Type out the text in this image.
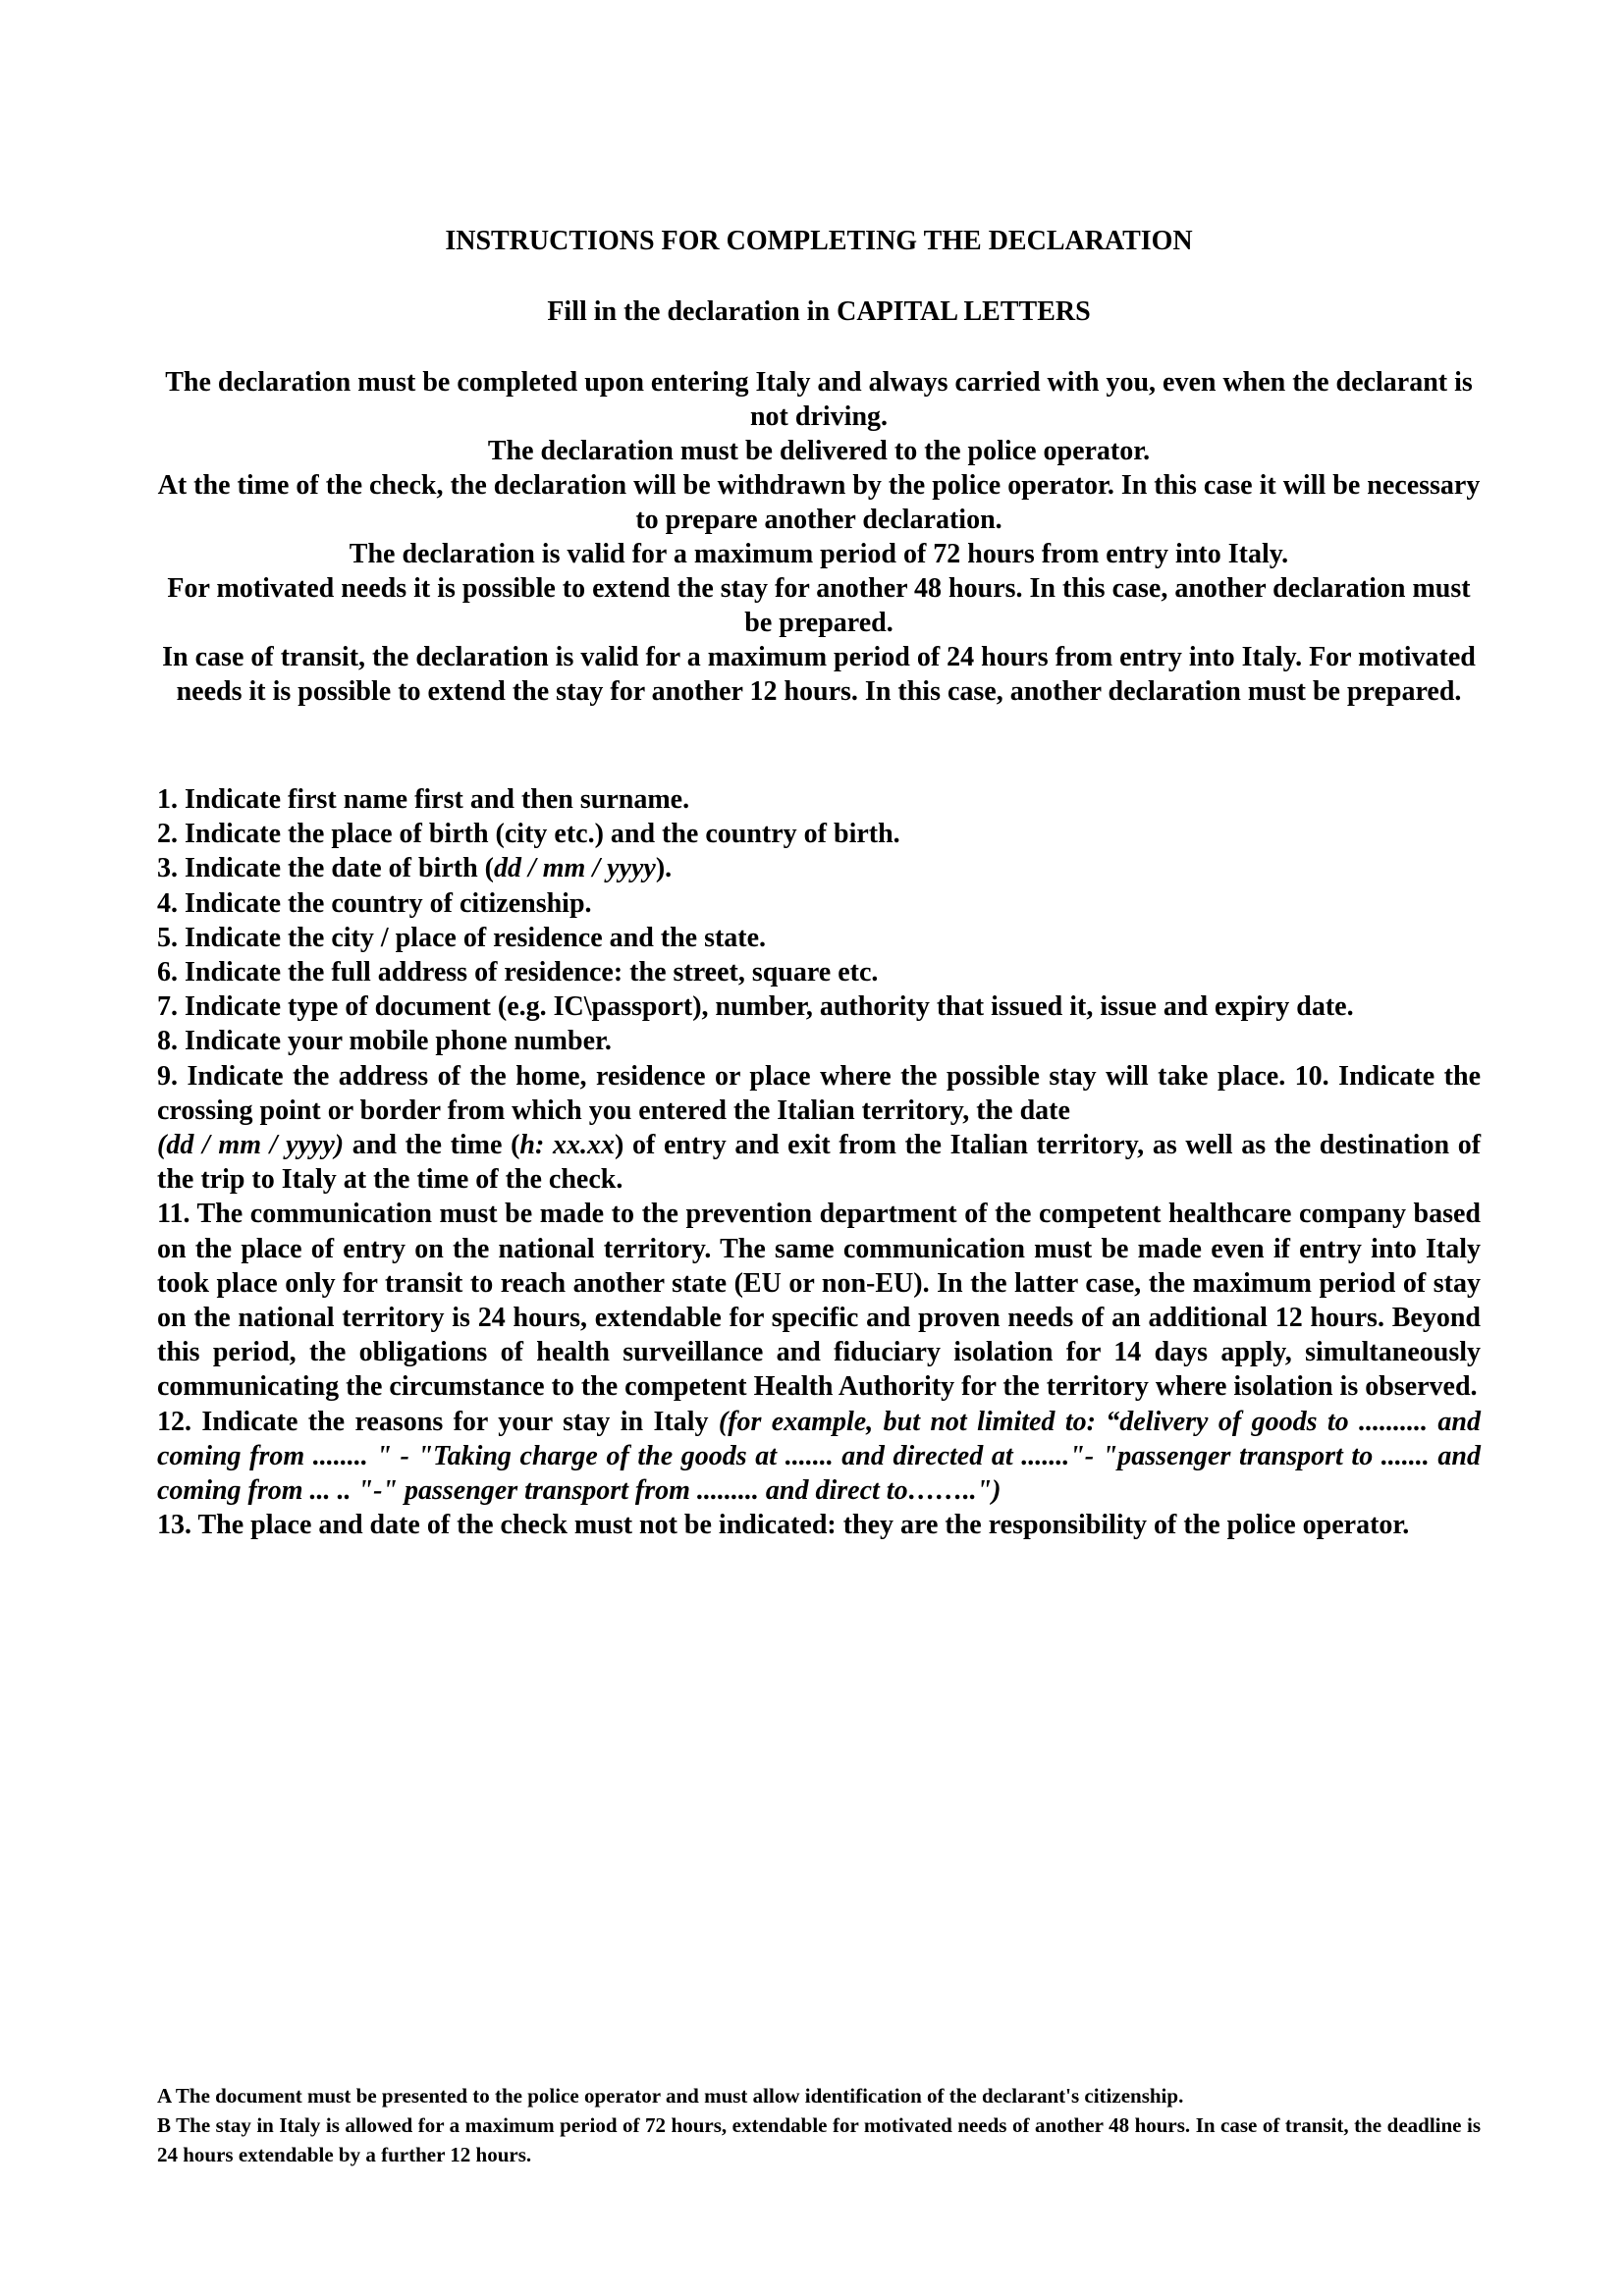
INSTRUCTIONS FOR COMPLETING THE DECLARATION
Fill in the declaration in CAPITAL LETTERS

The declaration must be completed upon entering Italy and always carried with you, even when the declarant is not driving.

The declaration must be delivered to the police operator.

At the time of the check, the declaration will be withdrawn by the police operator. In this case it will be necessary to prepare another declaration.

The declaration is valid for a maximum period of 72 hours from entry into Italy.

For motivated needs it is possible to extend the stay for another 48 hours. In this case, another declaration must be prepared.

In case of transit, the declaration is valid for a maximum period of 24 hours from entry into Italy. For motivated needs it is possible to extend the stay for another 12 hours. In this case, another declaration must be prepared.

1. Indicate first name first and then surname.

2. Indicate the place of birth (city etc.) and the country of birth.

3. Indicate the date of birth (dd / mm / yyyy).

4. Indicate the country of citizenship.

5. Indicate the city / place of residence and the state.

6. Indicate the full address of residence: the street, square etc.

7. Indicate type of document (e.g. IC\passport), number, authority that issued it, issue and expiry date.

8. Indicate your mobile phone number.

9. Indicate the address of the home, residence or place where the possible stay will take place. 10. Indicate the crossing point or border from which you entered the Italian territory, the date

(dd / mm / yyyy) and the time (h: xx.xx) of entry and exit from the Italian territory, as well as the destination of the trip to Italy at the time of the check.

11. The communication must be made to the prevention department of the competent healthcare company based on the place of entry on the national territory. The same communication must be made even if entry into Italy took place only for transit to reach another state (EU or non-EU). In the latter case, the maximum period of stay on the national territory is 24 hours, extendable for specific and proven needs of an additional 12 hours. Beyond this period, the obligations of health surveillance and fiduciary isolation for 14 days apply, simultaneously communicating the circumstance to the competent Health Authority for the territory where isolation is observed.

12. Indicate the reasons for your stay in Italy (for example, but not limited to: “delivery of goods to .......... and coming from ........ " - "Taking charge of the goods at ....... and directed at ......."- "passenger transport to ....... and coming from ... .. "-" passenger transport from ......... and direct to……..")

13. The place and date of the check must not be indicated: they are the responsibility of the police operator.

A The document must be presented to the police operator and must allow identification of the declarant's citizenship.

B The stay in Italy is allowed for a maximum period of 72 hours, extendable for motivated needs of another 48 hours. In case of transit, the deadline is 24 hours extendable by a further 12 hours.
